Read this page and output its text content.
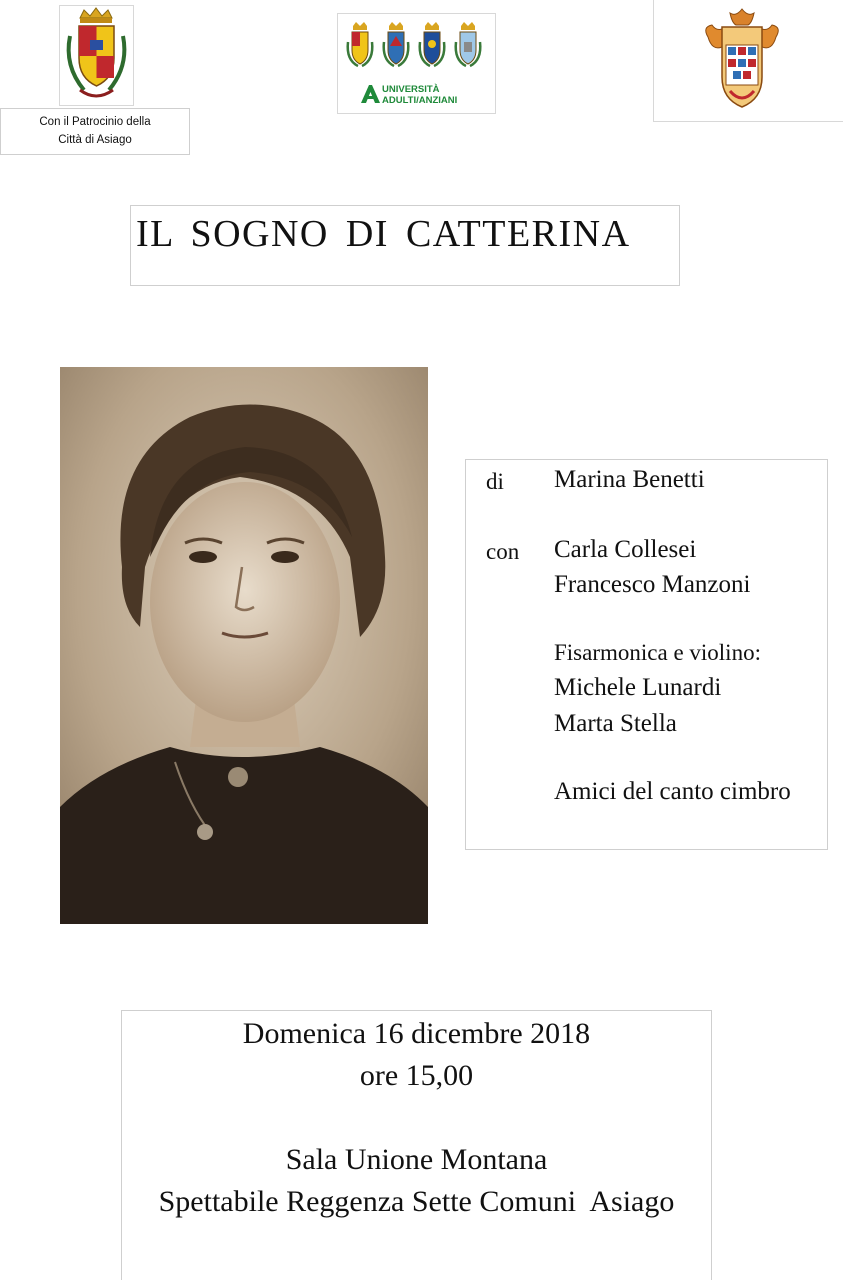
Con il Patrocinio della
Città di Asiago
UNIVERSITÀ
ADULTI/ANZIANI
IL SOGNO DI CATTERINA
di Marina Benetti
con Carla Collesei
Francesco Manzoni
Fisarmonica e violino:
Michele Lunardi
Marta Stella
Amici del canto cimbro
Domenica 16 dicembre 2018
ore 15,00
Sala Unione Montana
Spettabile Reggenza Sette Comuni  Asiago
